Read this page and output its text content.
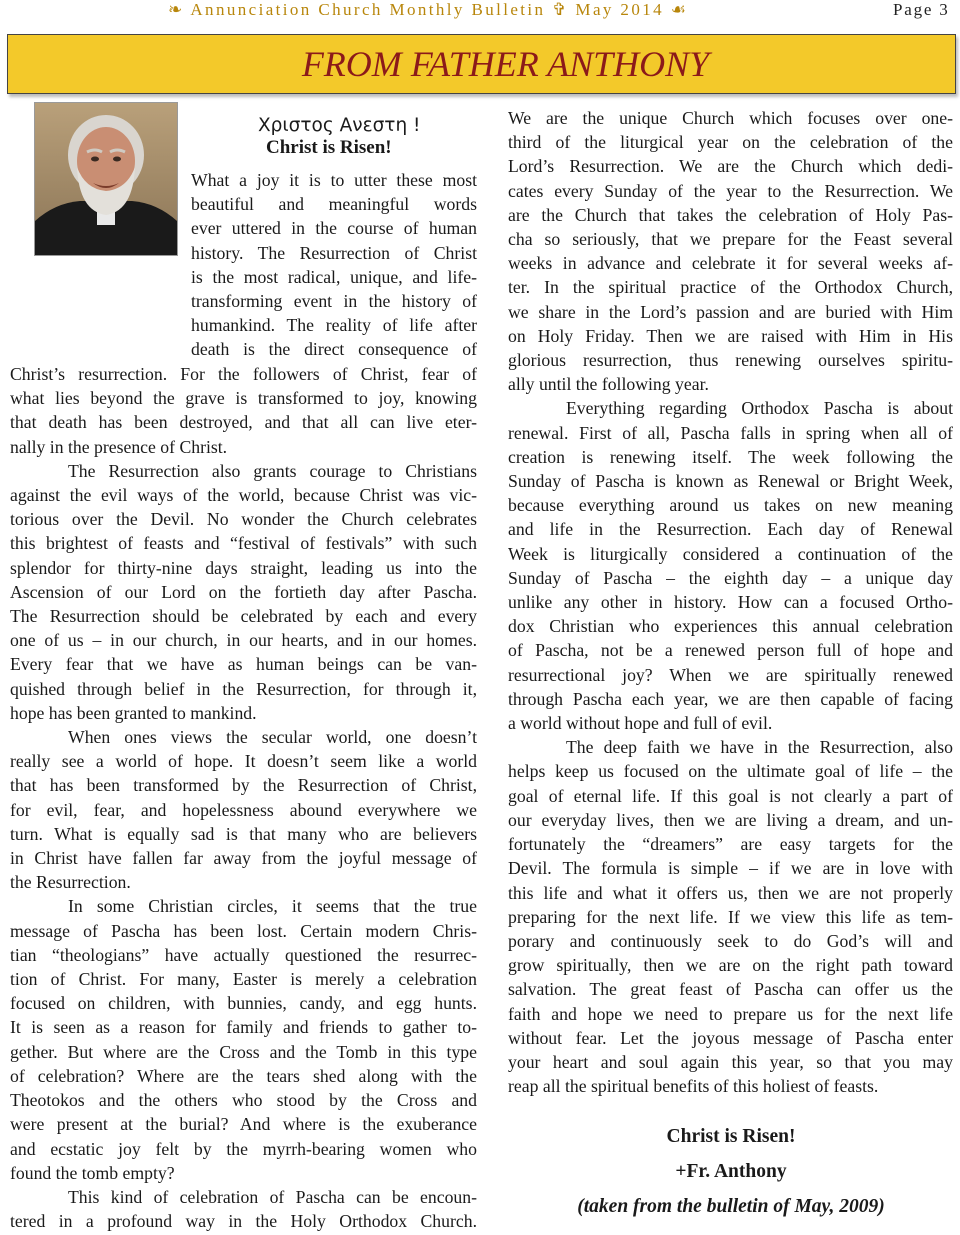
❧ Annunciation Church Monthly Bulletin ✞ May 2014 ☙	Page 3
FROM FATHER ANTHONY
Χριστος Ανεστη !
Christ is Risen!
What a joy it is to utter these most
beautiful and meaningful words
ever uttered in the course of human
history. The Resurrection of Christ
is the most radical, unique, and life-
transforming event in the history of
humankind. The reality of life after
death is the direct consequence of
Christ’s resurrection. For the followers of Christ, fear of
what lies beyond the grave is transformed to joy, knowing
that death has been destroyed, and that all can live eter-
nally in the presence of Christ.
The Resurrection also grants courage to Christians
against the evil ways of the world, because Christ was vic-
torious over the Devil. No wonder the Church celebrates
this brightest of feasts and “festival of festivals” with such
splendor for thirty-nine days straight, leading us into the
Ascension of our Lord on the fortieth day after Pascha.
The Resurrection should be celebrated by each and every
one of us – in our church, in our hearts, and in our homes.
Every fear that we have as human beings can be van-
quished through belief in the Resurrection, for through it,
hope has been granted to mankind.
When ones views the secular world, one doesn’t
really see a world of hope. It doesn’t seem like a world
that has been transformed by the Resurrection of Christ,
for evil, fear, and hopelessness abound everywhere we
turn. What is equally sad is that many who are believers
in Christ have fallen far away from the joyful message of
the Resurrection.
In some Christian circles, it seems that the true
message of Pascha has been lost. Certain modern Chris-
tian “theologians” have actually questioned the resurrec-
tion of Christ. For many, Easter is merely a celebration
focused on children, with bunnies, candy, and egg hunts.
It is seen as a reason for family and friends to gather to-
gether. But where are the Cross and the Tomb in this type
of celebration? Where are the tears shed along with the
Theotokos and the others who stood by the Cross and
were present at the burial? And where is the exuberance
and ecstatic joy felt by the myrrh-bearing women who
found the tomb empty?
This kind of celebration of Pascha can be encoun-
tered in a profound way in the Holy Orthodox Church.
We are the unique Church which focuses over one-
third of the liturgical year on the celebration of the
Lord’s Resurrection. We are the Church which dedi-
cates every Sunday of the year to the Resurrection. We
are the Church that takes the celebration of Holy Pas-
cha so seriously, that we prepare for the Feast several
weeks in advance and celebrate it for several weeks af-
ter. In the spiritual practice of the Orthodox Church,
we share in the Lord’s passion and are buried with Him
on Holy Friday. Then we are raised with Him in His
glorious resurrection, thus renewing ourselves spiritu-
ally until the following year.
Everything regarding Orthodox Pascha is about
renewal. First of all, Pascha falls in spring when all of
creation is renewing itself. The week following the
Sunday of Pascha is known as Renewal or Bright Week,
because everything around us takes on new meaning
and life in the Resurrection. Each day of Renewal
Week is liturgically considered a continuation of the
Sunday of Pascha – the eighth day – a unique day
unlike any other in history. How can a focused Ortho-
dox Christian who experiences this annual celebration
of Pascha, not be a renewed person full of hope and
resurrectional joy? When we are spiritually renewed
through Pascha each year, we are then capable of facing
a world without hope and full of evil.
The deep faith we have in the Resurrection, also
helps keep us focused on the ultimate goal of life – the
goal of eternal life. If this goal is not clearly a part of
our everyday lives, then we are living a dream, and un-
fortunately the “dreamers” are easy targets for the
Devil. The formula is simple – if we are in love with
this life and what it offers us, then we are not properly
preparing for the next life. If we view this life as tem-
porary and continuously seek to do God’s will and
grow spiritually, then we are on the right path toward
salvation. The great feast of Pascha can offer us the
faith and hope we need to prepare us for the next life
without fear. Let the joyous message of Pascha enter
your heart and soul again this year, so that you may
reap all the spiritual benefits of this holiest of feasts.
Christ is Risen!
+Fr. Anthony
(taken from the bulletin of May, 2009)
